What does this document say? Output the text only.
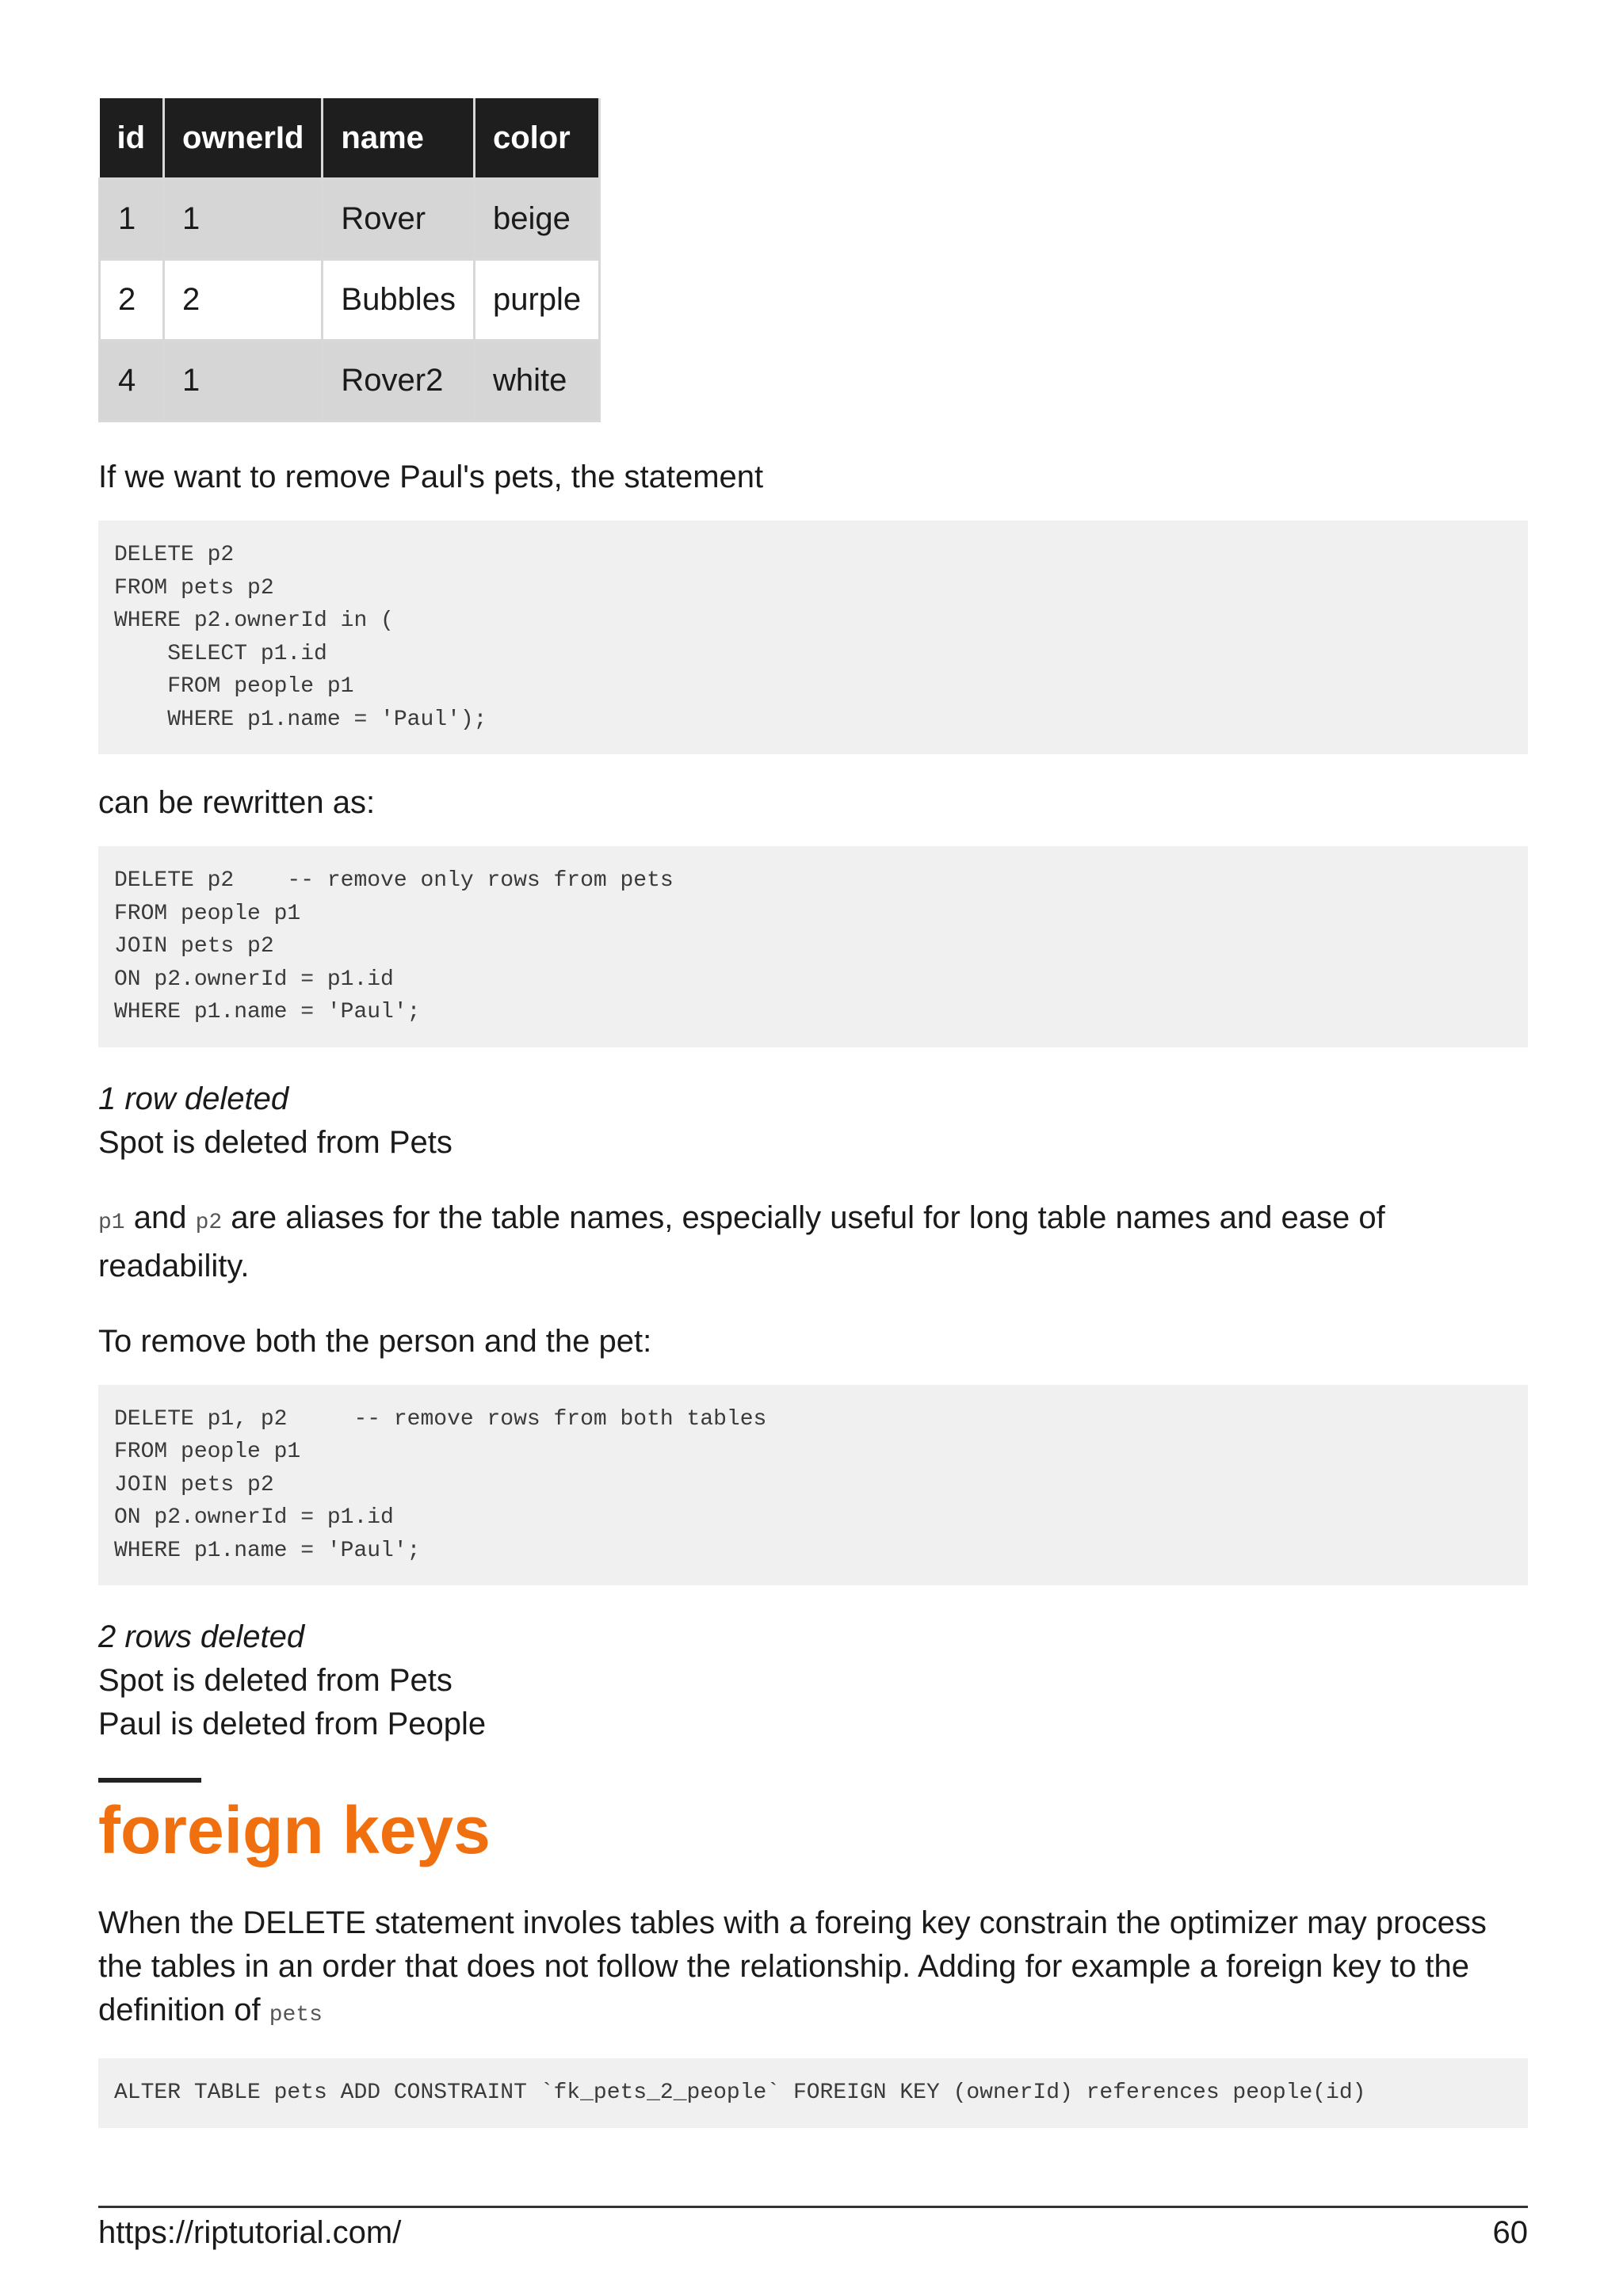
id	ownerId	name	color
1	1	Rover	beige
2	2	Bubbles	purple
4	1	Rover2	white

If we want to remove Paul's pets, the statement

DELETE p2
FROM pets p2
WHERE p2.ownerId in (
SELECT p1.id
FROM people p1
WHERE p1.name = 'Paul');

can be rewritten as:

DELETE p2    -- remove only rows from pets
FROM people p1
JOIN pets p2
ON p2.ownerId = p1.id
WHERE p1.name = 'Paul';

1 row deleted

Spot is deleted from Pets

p1 and p2 are aliases for the table names, especially useful for long table names and ease of readability.

To remove both the person and the pet:

DELETE p1, p2     -- remove rows from both tables
FROM people p1
JOIN pets p2
ON p2.ownerId = p1.id
WHERE p1.name = 'Paul';

2 rows deleted

Spot is deleted from Pets

Paul is deleted from People

foreign keys

When the DELETE statement involes tables with a foreing key constrain the optimizer may process the tables in an order that does not follow the relationship. Adding for example a foreign key to the definition of pets

ALTER TABLE pets ADD CONSTRAINT `fk_pets_2_people` FOREIGN KEY (ownerId) references people(id)
https://riptutorial.com/	60
